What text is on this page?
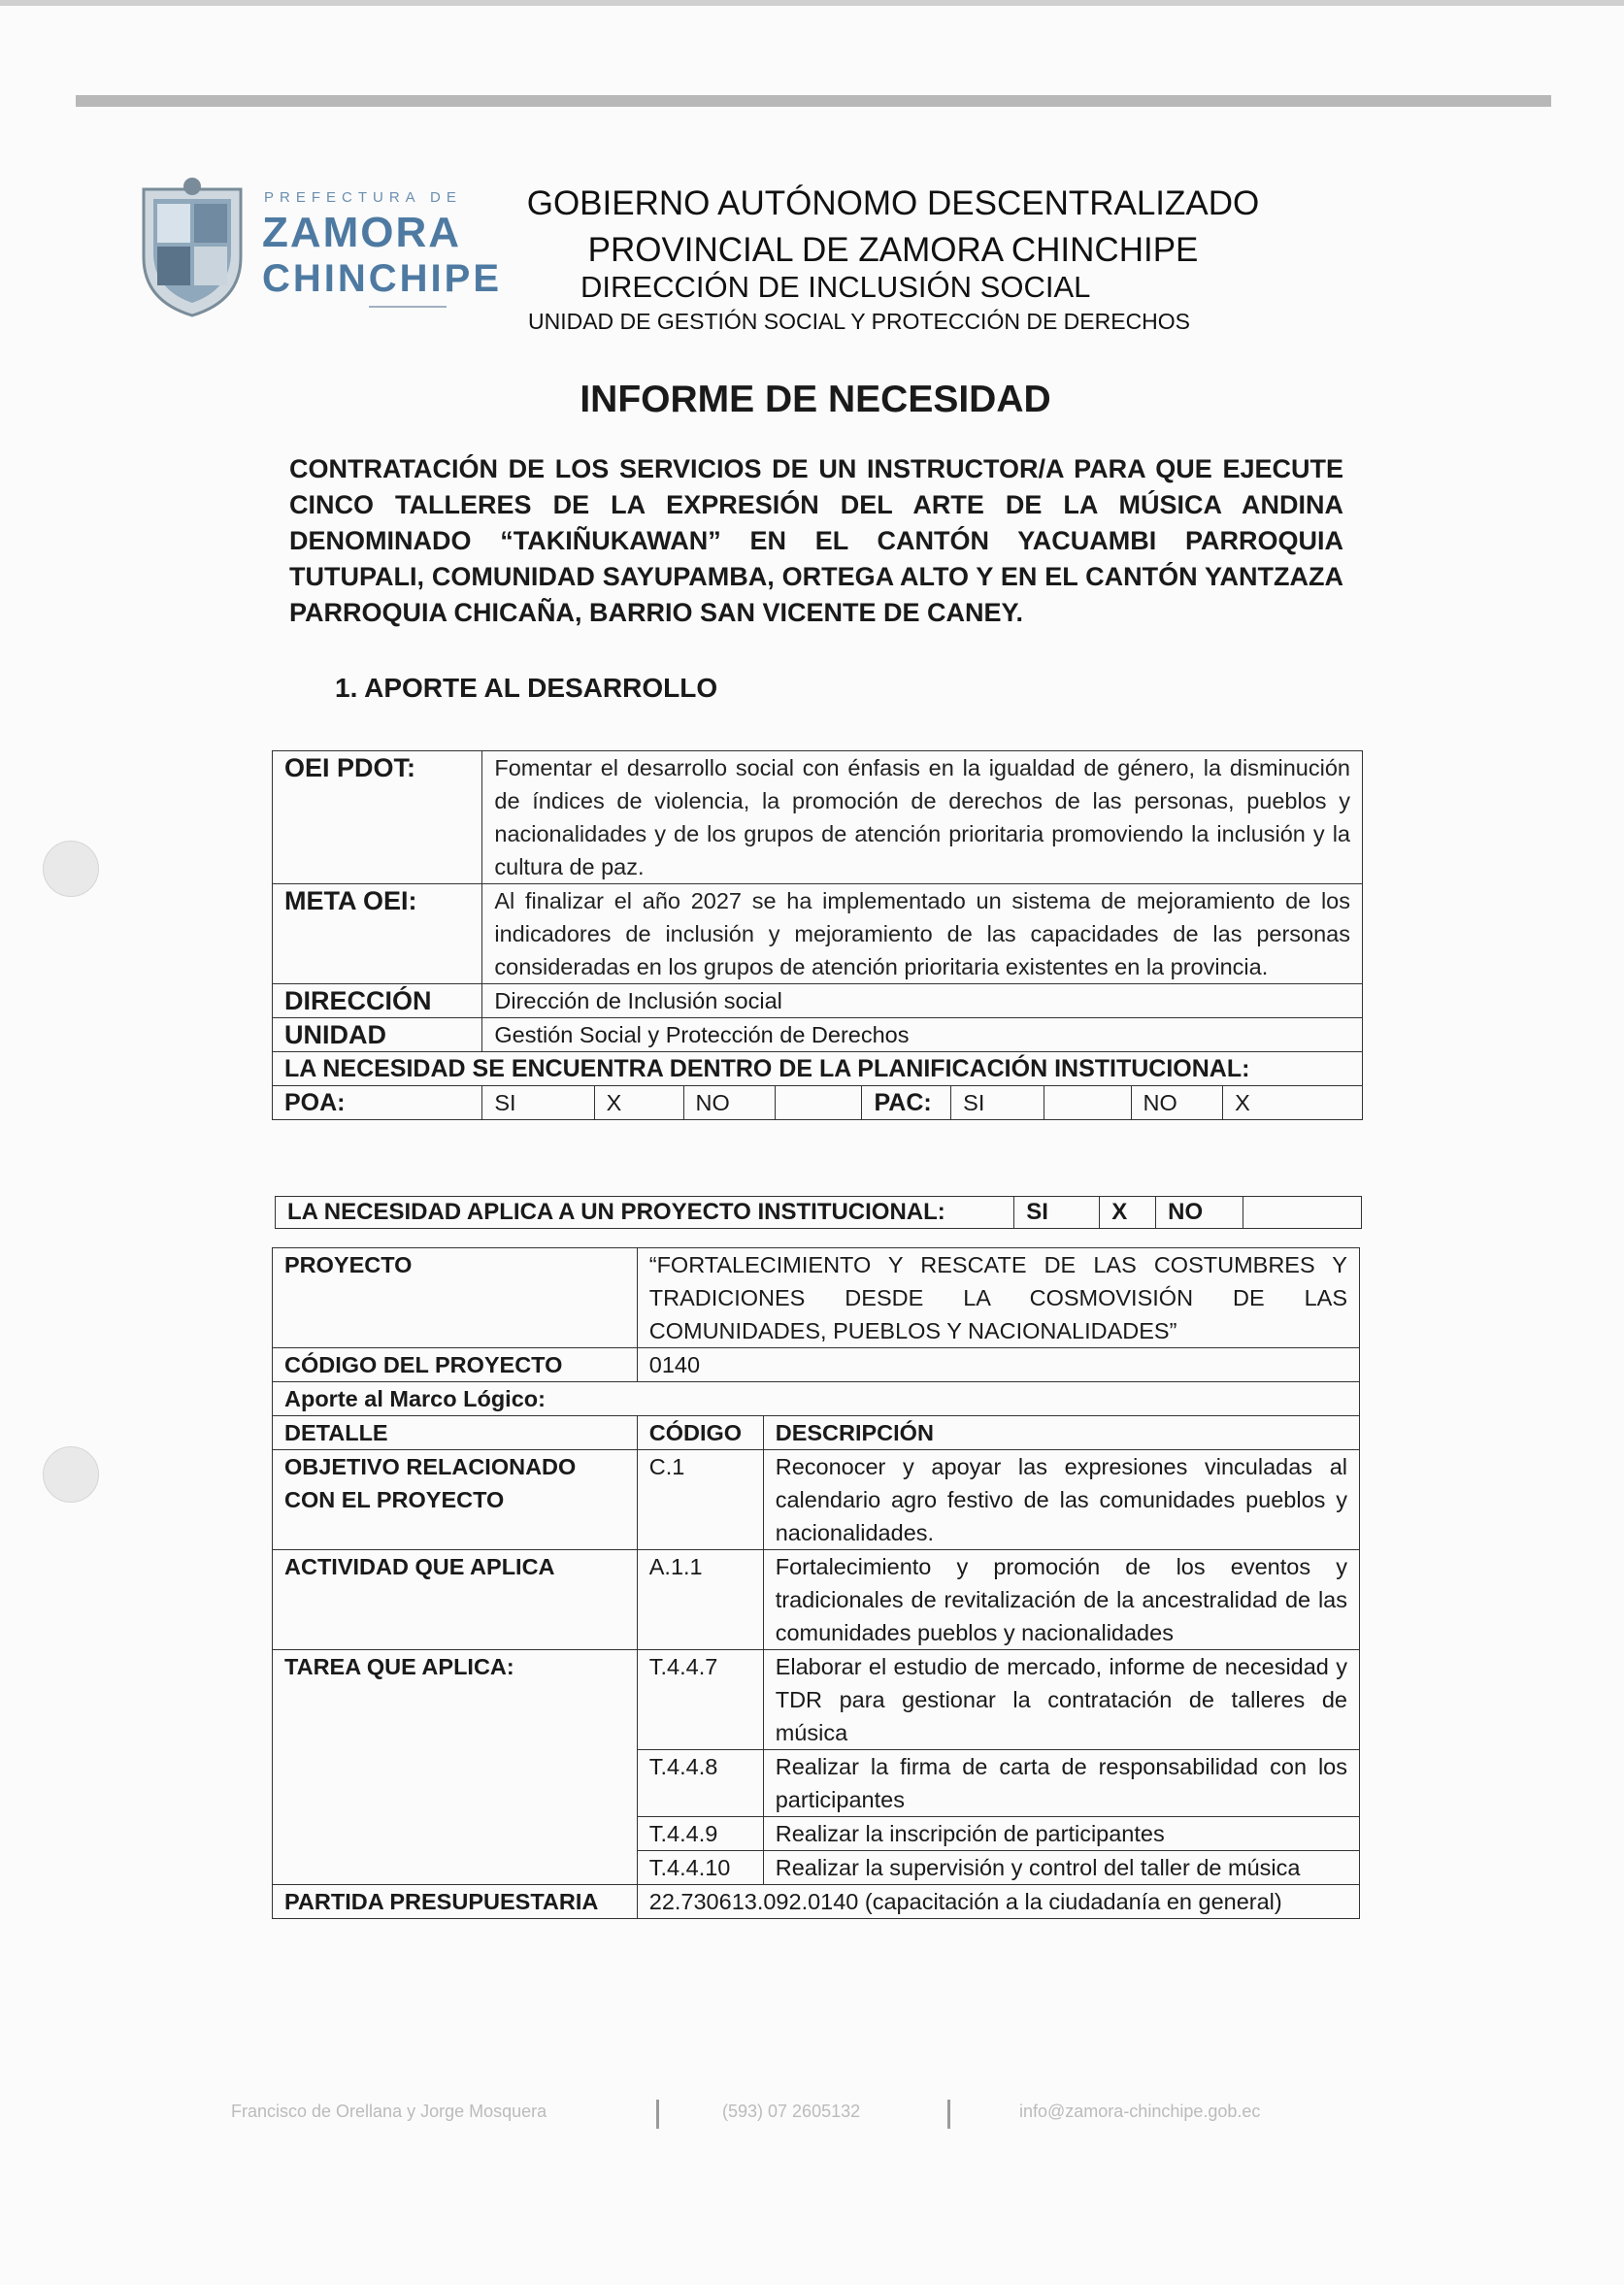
PREFECTURA DE
ZAMORA
CHINCHIPE
GOBIERNO AUTÓNOMO DESCENTRALIZADO
PROVINCIAL DE ZAMORA CHINCHIPE
DIRECCIÓN DE INCLUSIÓN SOCIAL
UNIDAD DE GESTIÓN SOCIAL Y PROTECCIÓN DE DERECHOS
INFORME DE NECESIDAD
CONTRATACIÓN DE LOS SERVICIOS DE UN INSTRUCTOR/A PARA QUE EJECUTE CINCO TALLERES DE LA EXPRESIÓN DEL ARTE DE LA MÚSICA ANDINA DENOMINADO “TAKIÑUKAWAN” EN EL CANTÓN YACUAMBI PARROQUIA TUTUPALI, COMUNIDAD SAYUPAMBA, ORTEGA ALTO Y EN EL CANTÓN YANTZAZA PARROQUIA CHICAÑA, BARRIO SAN VICENTE DE CANEY.
1. APORTE AL DESARROLLO
OEI PDOT:	Fomentar el desarrollo social con énfasis en la igualdad de género, la disminución de índices de violencia, la promoción de derechos de las personas, pueblos y nacionalidades y de los grupos de atención prioritaria promoviendo la inclusión y la cultura de paz.								
META OEI:	Al finalizar el año 2027 se ha implementado un sistema de mejoramiento de los indicadores de inclusión y mejoramiento de las capacidades de las personas consideradas en los grupos de atención prioritaria existentes en la provincia.								
DIRECCIÓN	Dirección de Inclusión social								
UNIDAD	Gestión Social y Protección de Derechos								
LA NECESIDAD SE ENCUENTRA DENTRO DE LA PLANIFICACIÓN INSTITUCIONAL:									
POA:	SI	X	NO		PAC:	SI		NO	X
LA NECESIDAD APLICA A UN PROYECTO INSTITUCIONAL:	SI	X	NO	
PROYECTO	“FORTALECIMIENTO Y RESCATE DE LAS COSTUMBRES Y TRADICIONES DESDE LA COSMOVISIÓN DE LAS COMUNIDADES, PUEBLOS Y NACIONALIDADES”	
CÓDIGO DEL PROYECTO	0140	
Aporte al Marco Lógico:		
DETALLE	CÓDIGO	DESCRIPCIÓN
OBJETIVO RELACIONADO CON EL PROYECTO	C.1	Reconocer y apoyar las expresiones vinculadas al calendario agro festivo de las comunidades pueblos y nacionalidades.
ACTIVIDAD QUE APLICA	A.1.1	Fortalecimiento y promoción de los eventos y tradicionales de revitalización de la ancestralidad de las comunidades pueblos y nacionalidades
TAREA QUE APLICA:	T.4.4.7	Elaborar el estudio de mercado, informe de necesidad y TDR para gestionar la contratación de talleres de música
	T.4.4.8	Realizar la firma de carta de responsabilidad con los participantes
	T.4.4.9	Realizar la inscripción de participantes
	T.4.4.10	Realizar la supervisión y control del taller de música
PARTIDA PRESUPUESTARIA	22.730613.092.0140 (capacitación a la ciudadanía en general)	
Francisco de Orellana y Jorge Mosquera	(593) 07 2605132	info@zamora-chinchipe.gob.ec
